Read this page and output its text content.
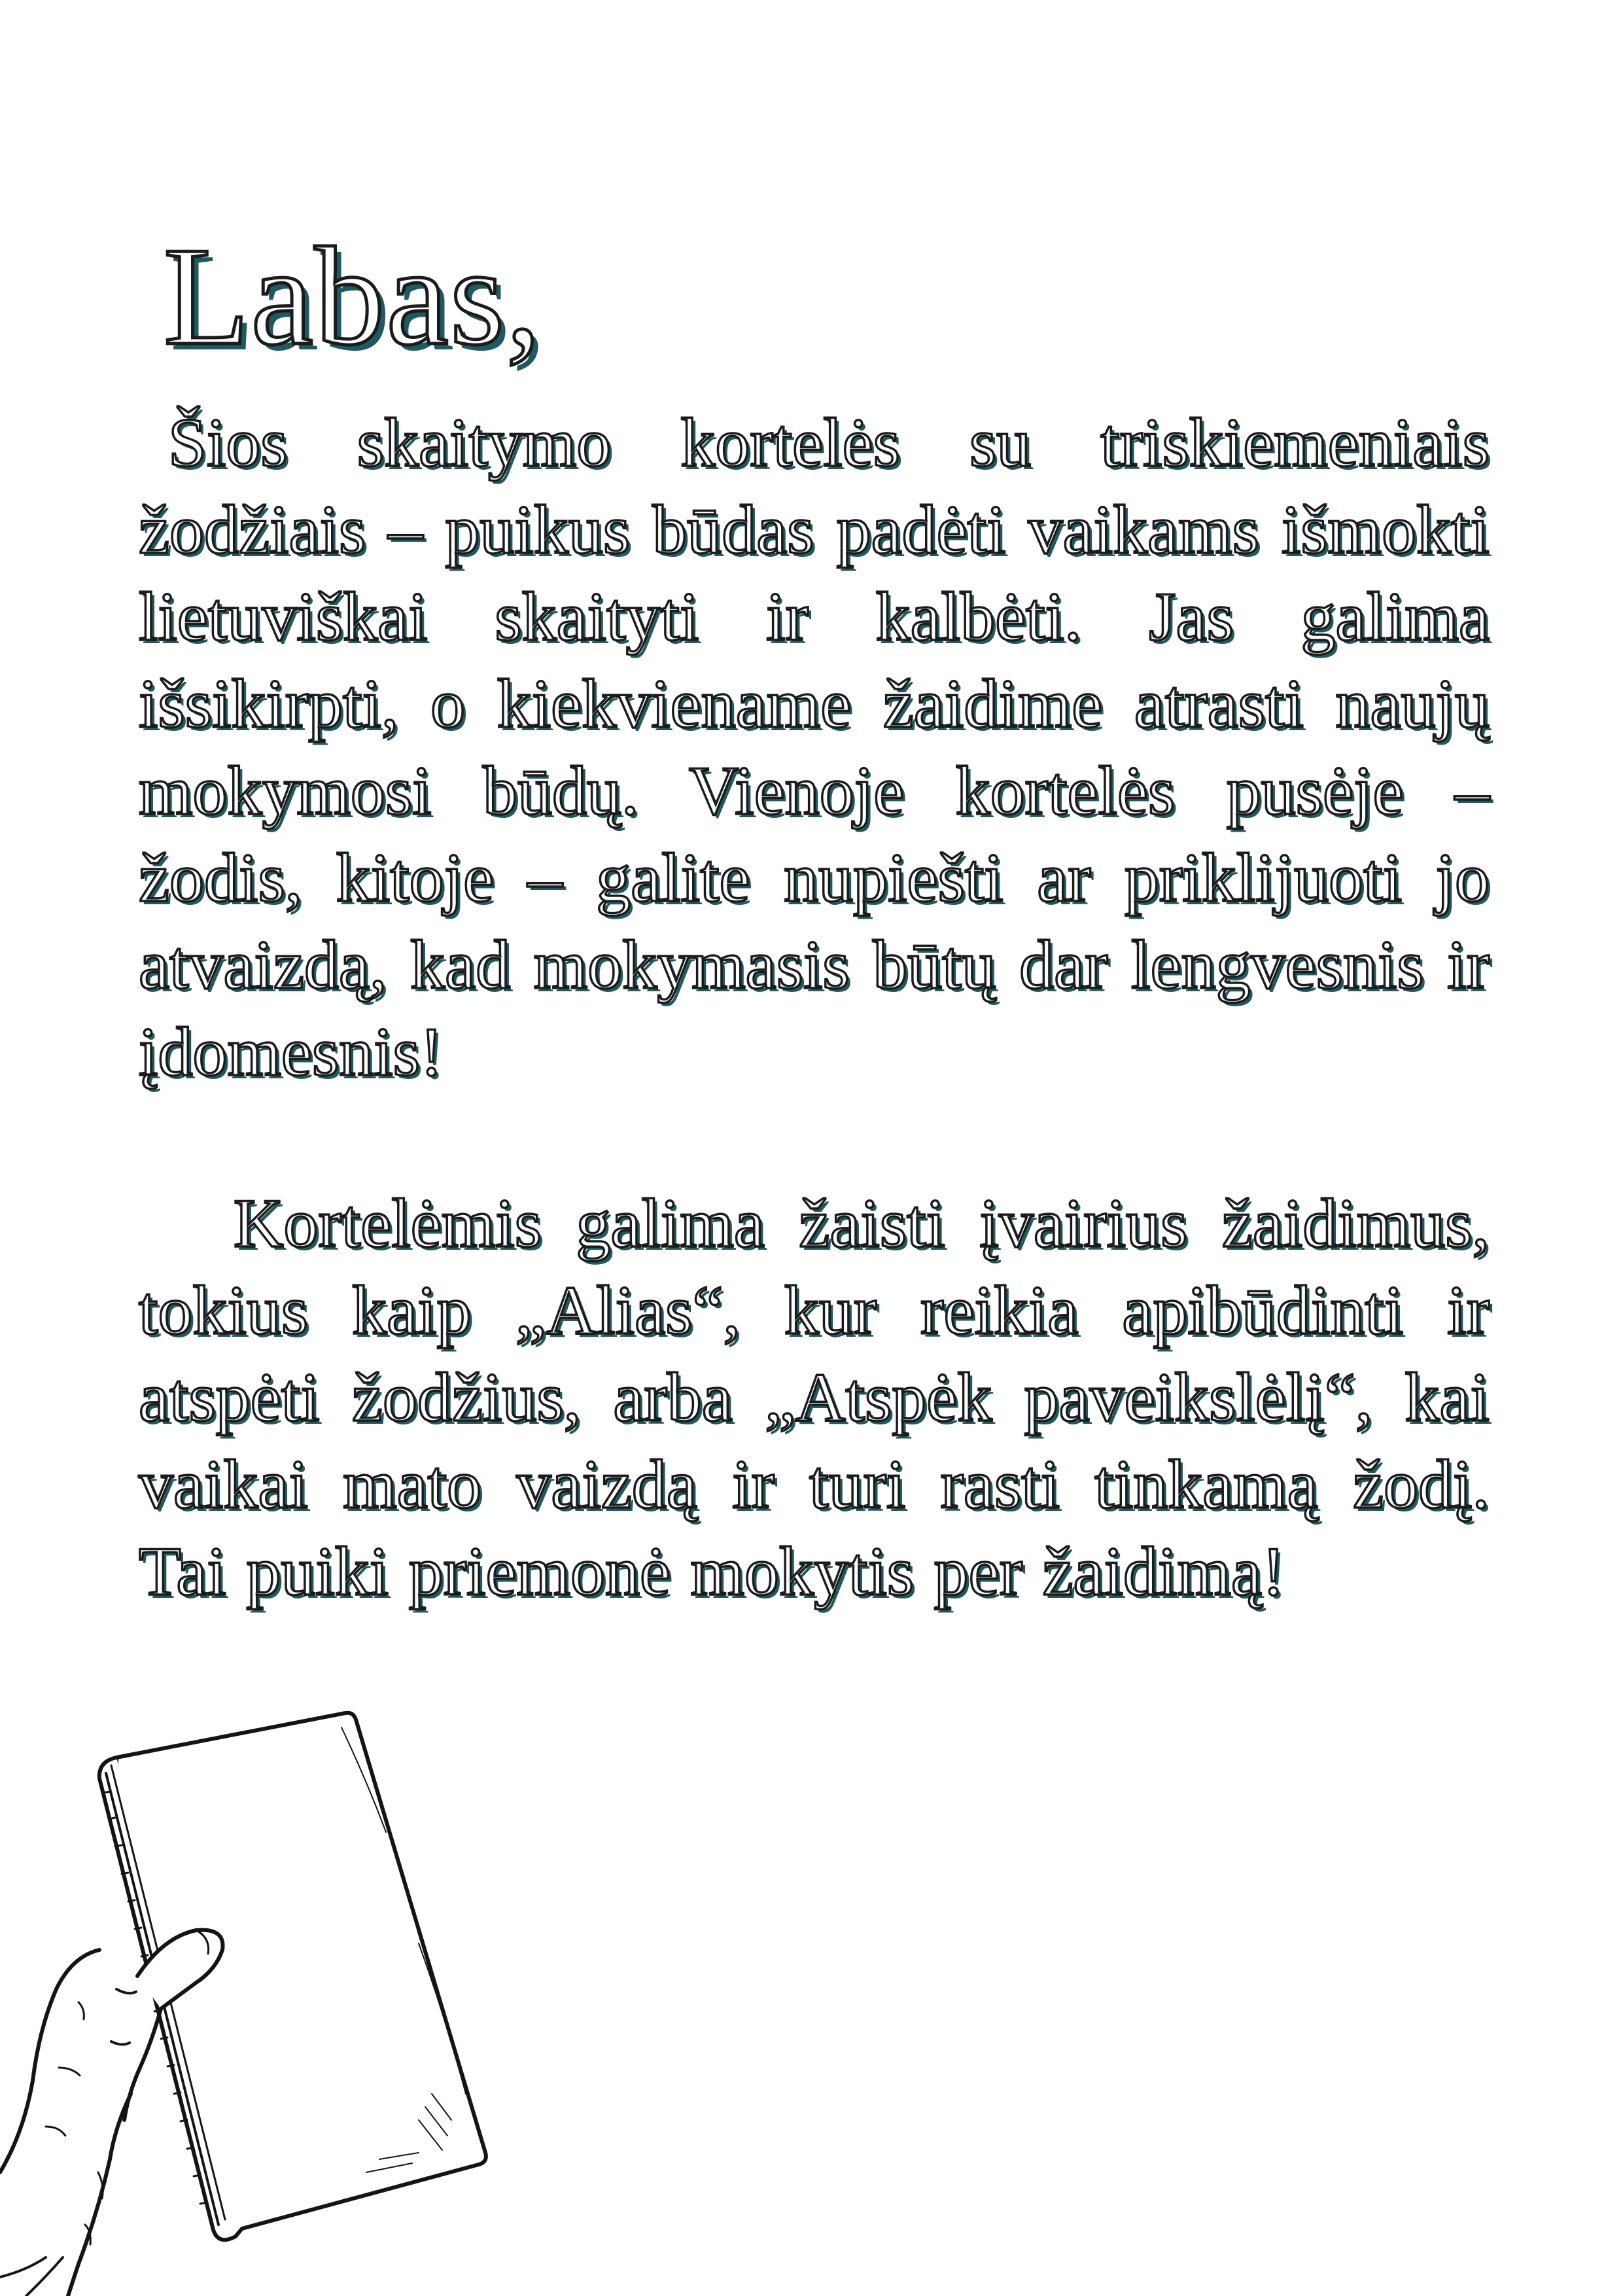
Labas,

Šios skaitymo kortelės su triskiemeniais žodžiais – puikus būdas padėti vaikams išmokti lietuviškai skaityti ir kalbėti. Jas galima išsikirpti, o kiekviename žaidime atrasti naujų mokymosi būdų. Vienoje kortelės pusėje – žodis, kitoje – galite nupiešti ar priklijuoti jo atvaizdą, kad mokymasis būtų dar lengvesnis ir įdomesnis!

Kortelėmis galima žaisti įvairius žaidimus, tokius kaip „Alias“, kur reikia apibūdinti ir atspėti žodžius, arba „Atspėk paveikslėlį“, kai vaikai mato vaizdą ir turi rasti tinkamą žodį. Tai puiki priemonė mokytis per žaidimą!
